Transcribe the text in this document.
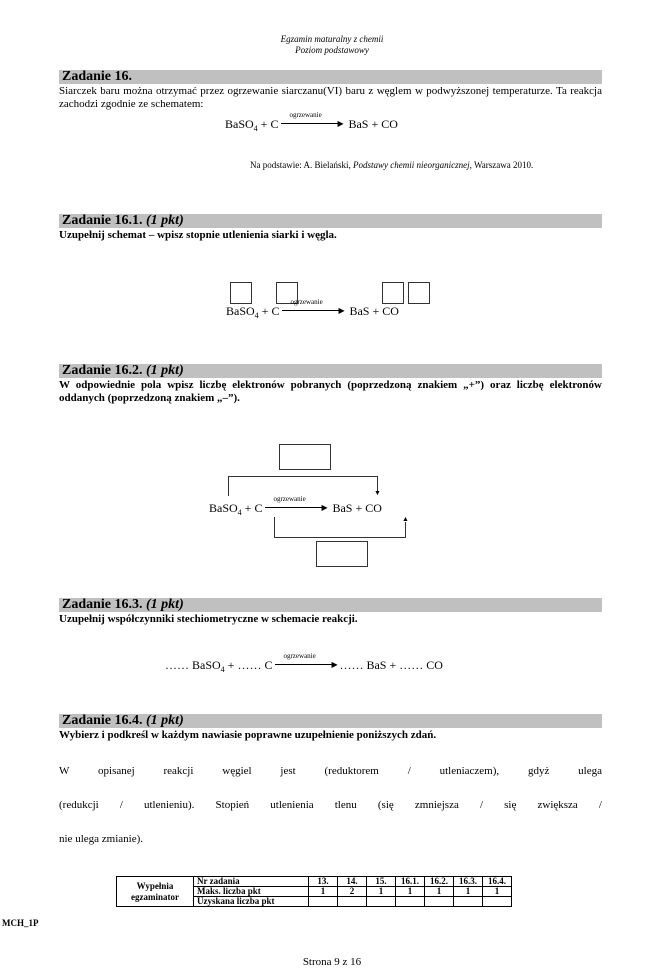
Egzamin maturalny z chemii
Poziom podstawowy
Zadanie 16.
Siarczek baru można otrzymać przez ogrzewanie siarczanu(VI) baru z węglem w podwyższonej temperaturze. Ta reakcja zachodzi zgodnie ze schematem:
BaSO$_4$ + C
ogrzewanie
▶ BaS + CO
Na podstawie: A. Bielański, Podstawy chemii nieorganicznej, Warszawa 2010.
Zadanie 16.1. (1 pkt)
Uzupełnij schemat – wpisz stopnie utlenienia siarki i węgla.
BaSO$_4$ + C
ogrzewanie
▶ BaS + CO
Zadanie 16.2. (1 pkt)
W odpowiednie pola wpisz liczbę elektronów pobranych (poprzedzoną znakiem „+”) oraz liczbę elektronów oddanych (poprzedzoną znakiem „–”).
▼
BaSO$_4$ + C
ogrzewanie
▶ BaS + CO
▲
Zadanie 16.3. (1 pkt)
Uzupełnij współczynniki stechiometryczne w schemacie reakcji.
…… BaSO$_4$ + …… C
ogrzewanie
▶ …… BaS + …… CO
Zadanie 16.4. (1 pkt)
Wybierz i podkreśl w każdym nawiasie poprawne uzupełnienie poniższych zdań.
W opisanej reakcji węgiel jest (reduktorem / utleniaczem), gdyż ulega
(redukcji / utlenieniu). Stopień utlenienia tlenu (się zmniejsza / się zwiększa /
nie ulega zmianie).
Wypełnia egzaminator	Nr zadania	13.	14.	15.	16.1.	16.2.	16.3.	16.4.
	Maks. liczba pkt	1	2	1	1	1	1	1
	Uzyskana liczba pkt							
MCH_1P
Strona 9 z 16
